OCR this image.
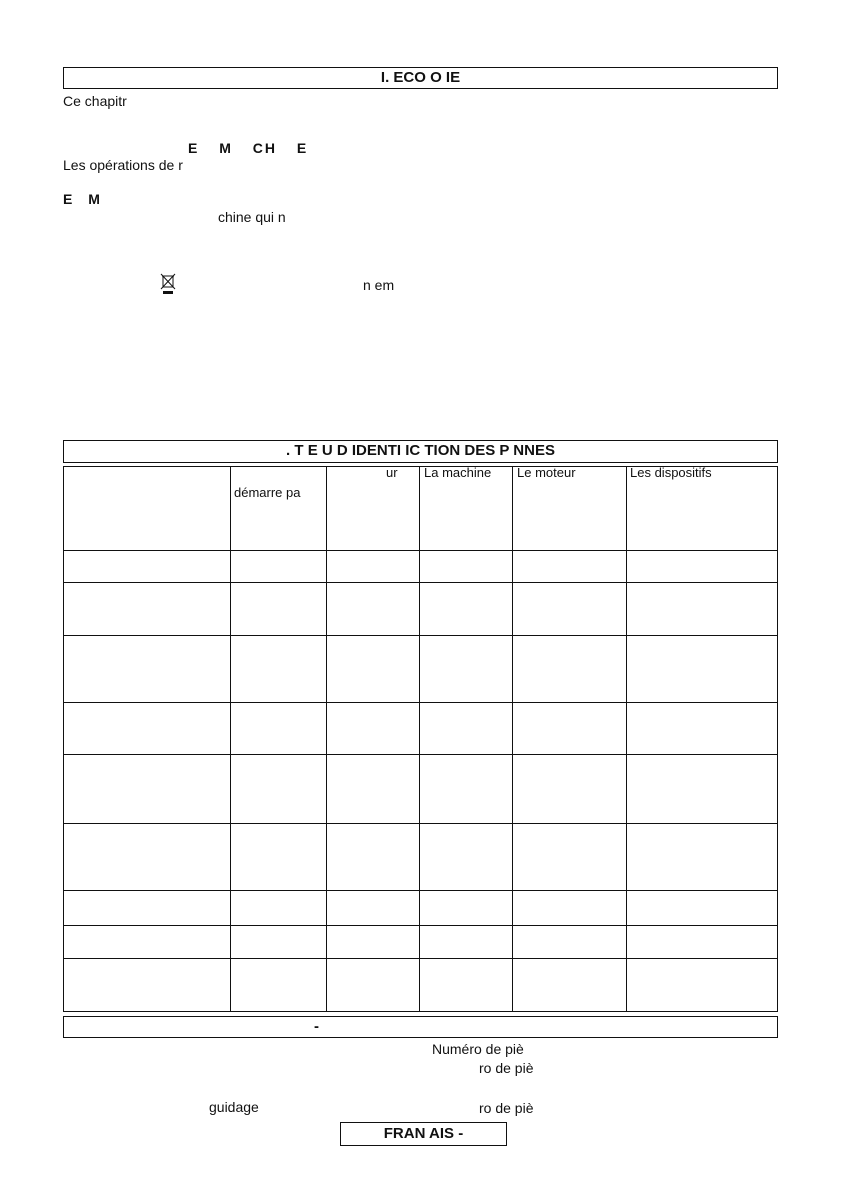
I. ECO O IE
Ce chapitr
E M CH E
Les opérations de r
E M
chine qui n
n em
. T E U D IDENTI IC TION DES P NNES
démarre pa
ur La machine Le moteur	Les dispositifs
-
Numéro de piè
ro de piè
guidage	ro de piè
FRAN AIS -
